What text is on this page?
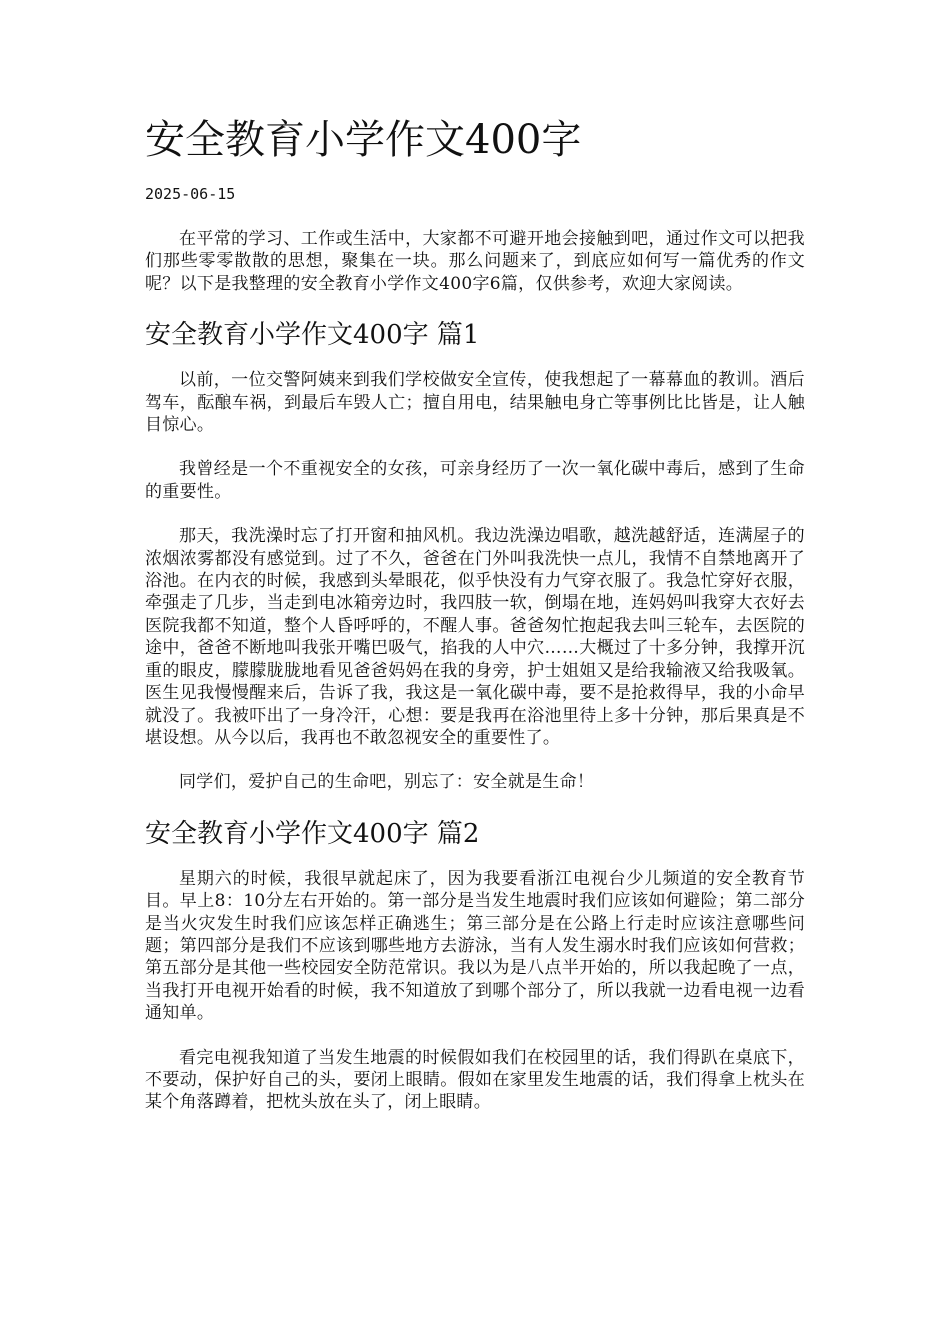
安全教育小学作文400字
2025-06-15

在平常的学习、工作或生活中，大家都不可避开地会接触到吧，通过作文可以把我们那些零零散散的思想，聚集在一块。那么问题来了，到底应如何写一篇优秀的作文呢？以下是我整理的安全教育小学作文400字6篇，仅供参考，欢迎大家阅读。

安全教育小学作文400字 篇1

以前，一位交警阿姨来到我们学校做安全宣传，使我想起了一幕幕血的教训。酒后驾车，酝酿车祸，到最后车毁人亡；擅自用电，结果触电身亡等事例比比皆是，让人触目惊心。

我曾经是一个不重视安全的女孩，可亲身经历了一次一氧化碳中毒后，感到了生命的重要性。

那天，我洗澡时忘了打开窗和抽风机。我边洗澡边唱歌，越洗越舒适，连满屋子的浓烟浓雾都没有感觉到。过了不久，爸爸在门外叫我洗快一点儿，我情不自禁地离开了浴池。在内衣的时候，我感到头晕眼花，似乎快没有力气穿衣服了。我急忙穿好衣服，牵强走了几步，当走到电冰箱旁边时，我四肢一软，倒塌在地，连妈妈叫我穿大衣好去医院我都不知道，整个人昏呼呼的，不醒人事。爸爸匆忙抱起我去叫三轮车，去医院的途中，爸爸不断地叫我张开嘴巴吸气，掐我的人中穴……大概过了十多分钟，我撑开沉重的眼皮，朦朦胧胧地看见爸爸妈妈在我的身旁，护士姐姐又是给我输液又给我吸氧。医生见我慢慢醒来后，告诉了我，我这是一氧化碳中毒，要不是抢救得早，我的小命早就没了。我被吓出了一身冷汗，心想：要是我再在浴池里待上多十分钟，那后果真是不堪设想。从今以后，我再也不敢忽视安全的重要性了。

同学们，爱护自己的生命吧，别忘了：安全就是生命！

安全教育小学作文400字 篇2

星期六的时候，我很早就起床了，因为我要看浙江电视台少儿频道的安全教育节目。早上8：10分左右开始的。第一部分是当发生地震时我们应该如何避险；第二部分是当火灾发生时我们应该怎样正确逃生；第三部分是在公路上行走时应该注意哪些问题；第四部分是我们不应该到哪些地方去游泳，当有人发生溺水时我们应该如何营救；第五部分是其他一些校园安全防范常识。我以为是八点半开始的，所以我起晚了一点，当我打开电视开始看的时候，我不知道放了到哪个部分了，所以我就一边看电视一边看通知单。

看完电视我知道了当发生地震的时候假如我们在校园里的话，我们得趴在桌底下，不要动，保护好自己的头，要闭上眼睛。假如在家里发生地震的话，我们得拿上枕头在某个角落蹲着，把枕头放在头了，闭上眼睛。
